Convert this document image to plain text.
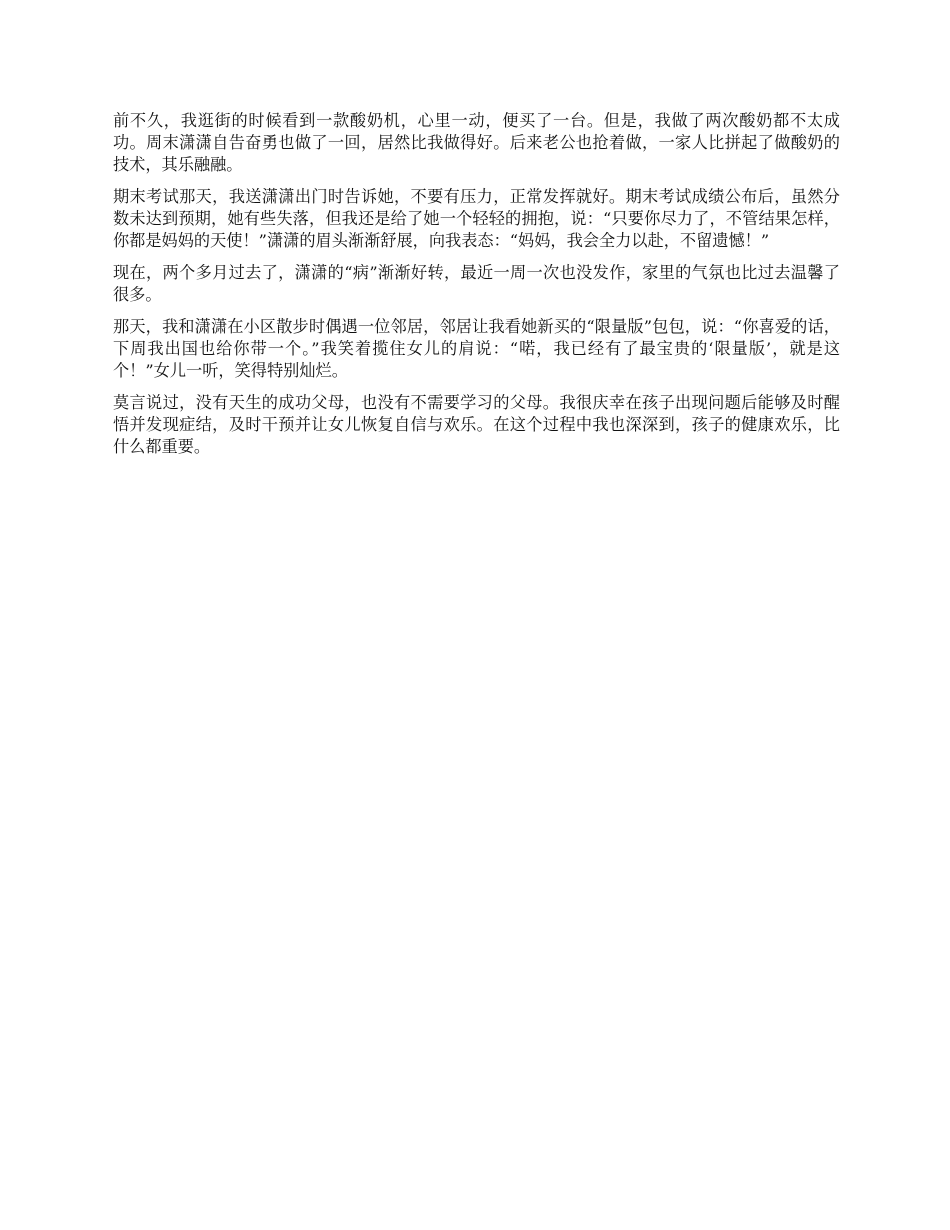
前不久，我逛街的时候看到一款酸奶机，心里一动，便买了一台。但是，我做了两次酸奶都不太成功。周末潇潇自告奋勇也做了一回，居然比我做得好。后来老公也抢着做，一家人比拼起了做酸奶的技术，其乐融融。

期末考试那天，我送潇潇出门时告诉她，不要有压力，正常发挥就好。期末考试成绩公布后，虽然分数未达到预期，她有些失落，但我还是给了她一个轻轻的拥抱，说：“只要你尽力了，不管结果怎样，你都是妈妈的天使！”潇潇的眉头渐渐舒展，向我表态：“妈妈，我会全力以赴，不留遗憾！”

现在，两个多月过去了，潇潇的“病”渐渐好转，最近一周一次也没发作，家里的气氛也比过去温馨了很多。

那天，我和潇潇在小区散步时偶遇一位邻居，邻居让我看她新买的“限量版”包包，说：“你喜爱的话，下周我出国也给你带一个。”我笑着揽住女儿的肩说：“喏，我已经有了最宝贵的‘限量版’，就是这个！”女儿一听，笑得特别灿烂。

莫言说过，没有天生的成功父母，也没有不需要学习的父母。我很庆幸在孩子出现问题后能够及时醒悟并发现症结，及时干预并让女儿恢复自信与欢乐。在这个过程中我也深深到，孩子的健康欢乐，比什么都重要。
